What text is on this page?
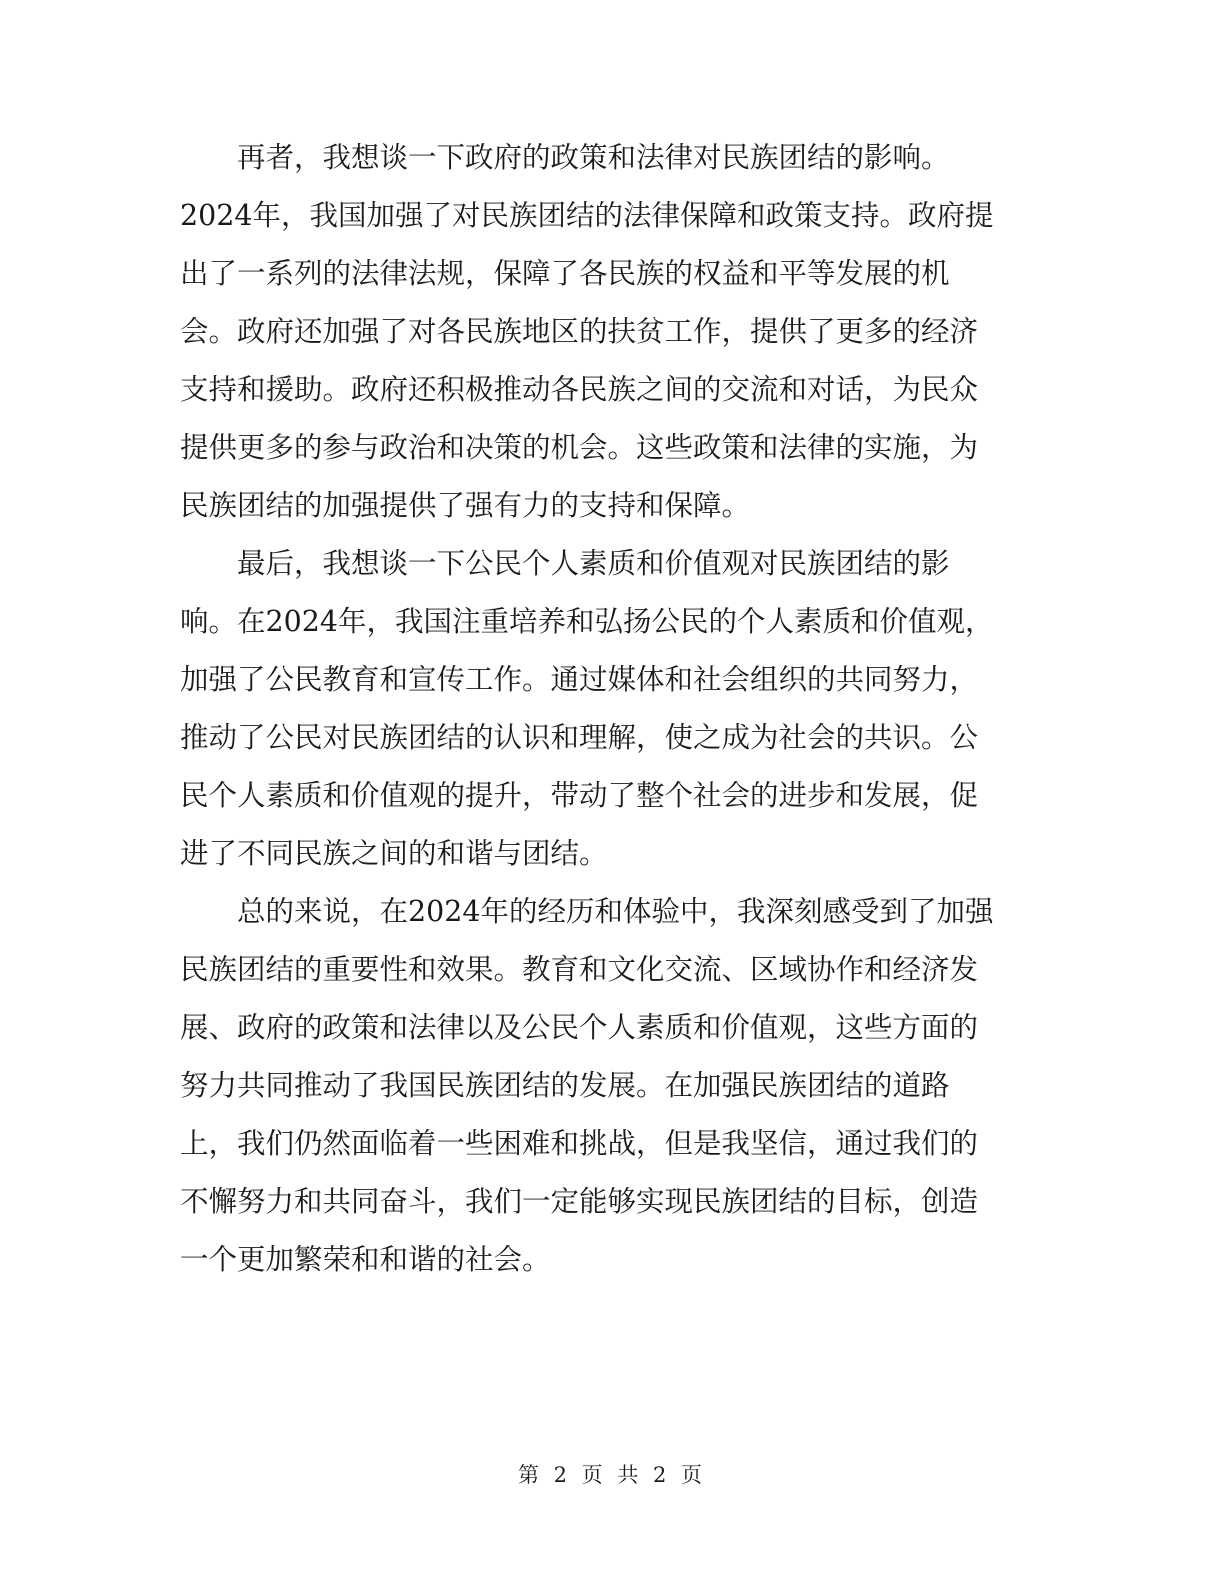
再者，我想谈一下政府的政策和法律对民族团结的影响。
2024年，我国加强了对民族团结的法律保障和政策支持。政府提
出了一系列的法律法规，保障了各民族的权益和平等发展的机
会。政府还加强了对各民族地区的扶贫工作，提供了更多的经济
支持和援助。政府还积极推动各民族之间的交流和对话，为民众
提供更多的参与政治和决策的机会。这些政策和法律的实施，为
民族团结的加强提供了强有力的支持和保障。
最后，我想谈一下公民个人素质和价值观对民族团结的影
响。在2024年，我国注重培养和弘扬公民的个人素质和价值观，
加强了公民教育和宣传工作。通过媒体和社会组织的共同努力，
推动了公民对民族团结的认识和理解，使之成为社会的共识。公
民个人素质和价值观的提升，带动了整个社会的进步和发展，促
进了不同民族之间的和谐与团结。
总的来说，在2024年的经历和体验中，我深刻感受到了加强
民族团结的重要性和效果。教育和文化交流、区域协作和经济发
展、政府的政策和法律以及公民个人素质和价值观，这些方面的
努力共同推动了我国民族团结的发展。在加强民族团结的道路
上，我们仍然面临着一些困难和挑战，但是我坚信，通过我们的
不懈努力和共同奋斗，我们一定能够实现民族团结的目标，创造
一个更加繁荣和和谐的社会。
第 2 页 共 2 页
